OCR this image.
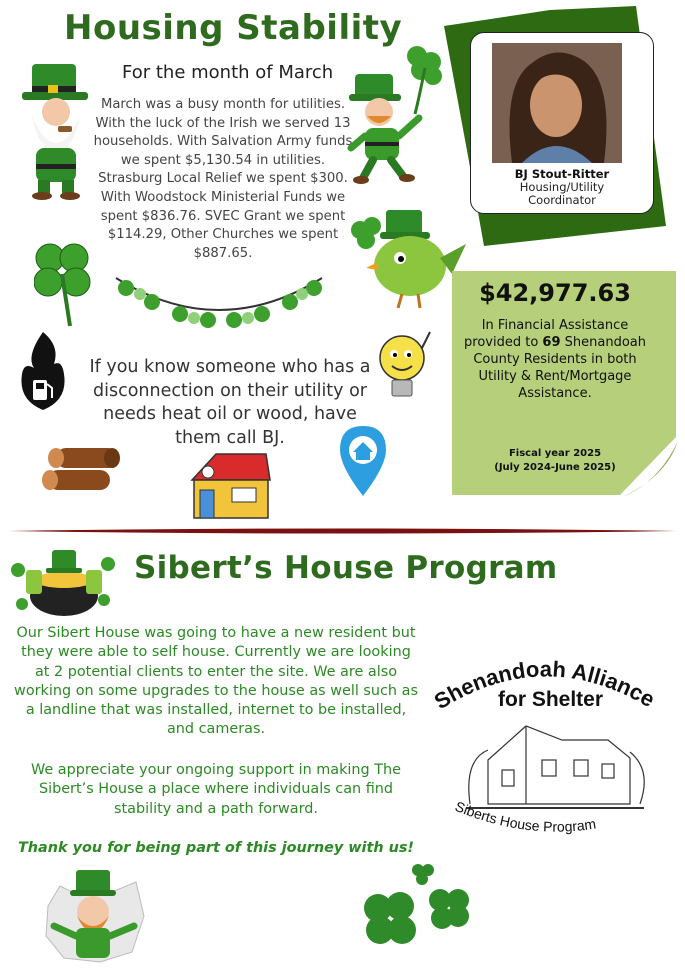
Housing Stability
For the month of March
March was a busy month for utilities. With the luck of the Irish we served 13 households. With Salvation Army funds we spent $5,130.54 in utilities. Strasburg Local Relief we spent $300. With Woodstock Ministerial Funds we spent $836.76. SVEC Grant we spent $114.29, Other Churches we spent $887.65.
BJ Stout-Ritter
Housing/Utility Coordinator
If you know someone who has a disconnection on their utility or needs heat oil or wood, have them call BJ.
$42,977.63
In Financial Assistance provided to 69 Shenandoah County Residents in both Utility & Rent/Mortgage Assistance.
Fiscal year 2025
(July 2024-June 2025)
Sibert’s House Program
Our Sibert House was going to have a new resident but they were able to self house. Currently we are looking at 2 potential clients to enter the site. We are also working on some upgrades to the house as well such as a landline that was installed, internet to be installed, and cameras.
We appreciate your ongoing support in making The Sibert’s House a place where individuals can find stability and a path forward.
Thank you for being part of this journey with us!
Shenandoah Alliance
for Shelter
Siberts House Program
